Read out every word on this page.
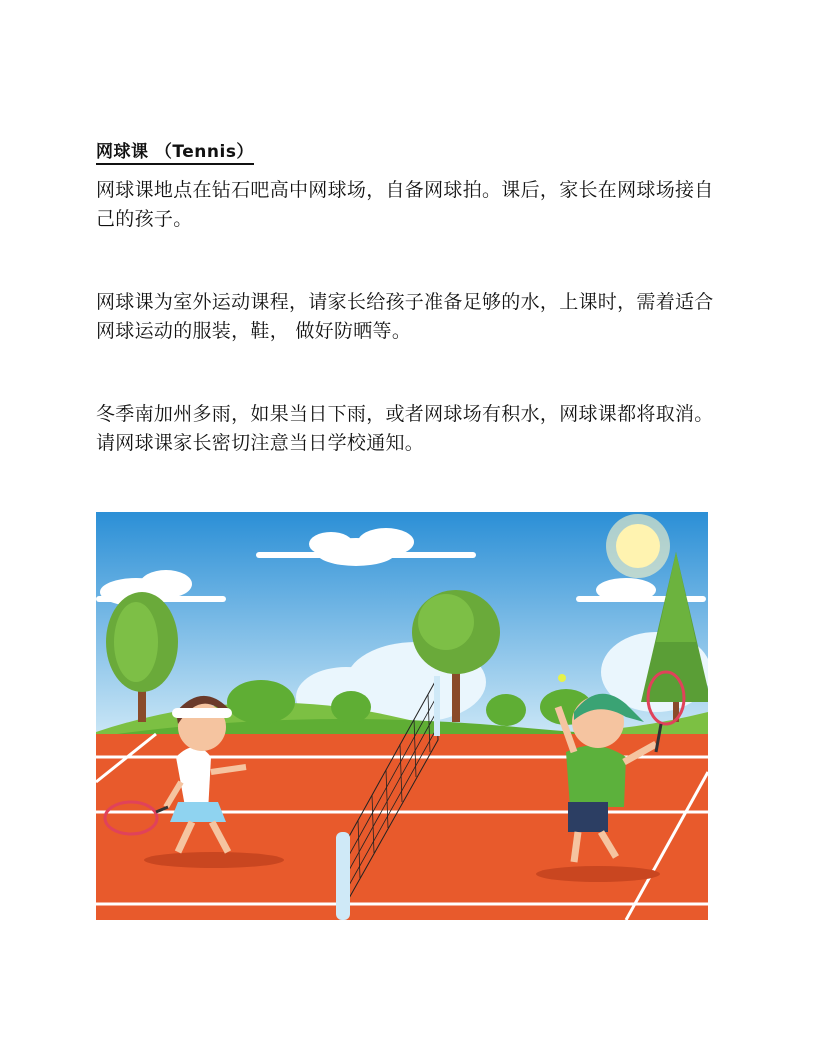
网球课 （Tennis）

网球课地点在钻石吧高中网球场，自备网球拍。课后，家长在网球场接自己的孩子。

网球课为室外运动课程，请家长给孩子准备足够的水，上课时，需着适合网球运动的服装，鞋， 做好防晒等。

冬季南加州多雨，如果当日下雨，或者网球场有积水，网球课都将取消。请网球课家长密切注意当日学校通知。
